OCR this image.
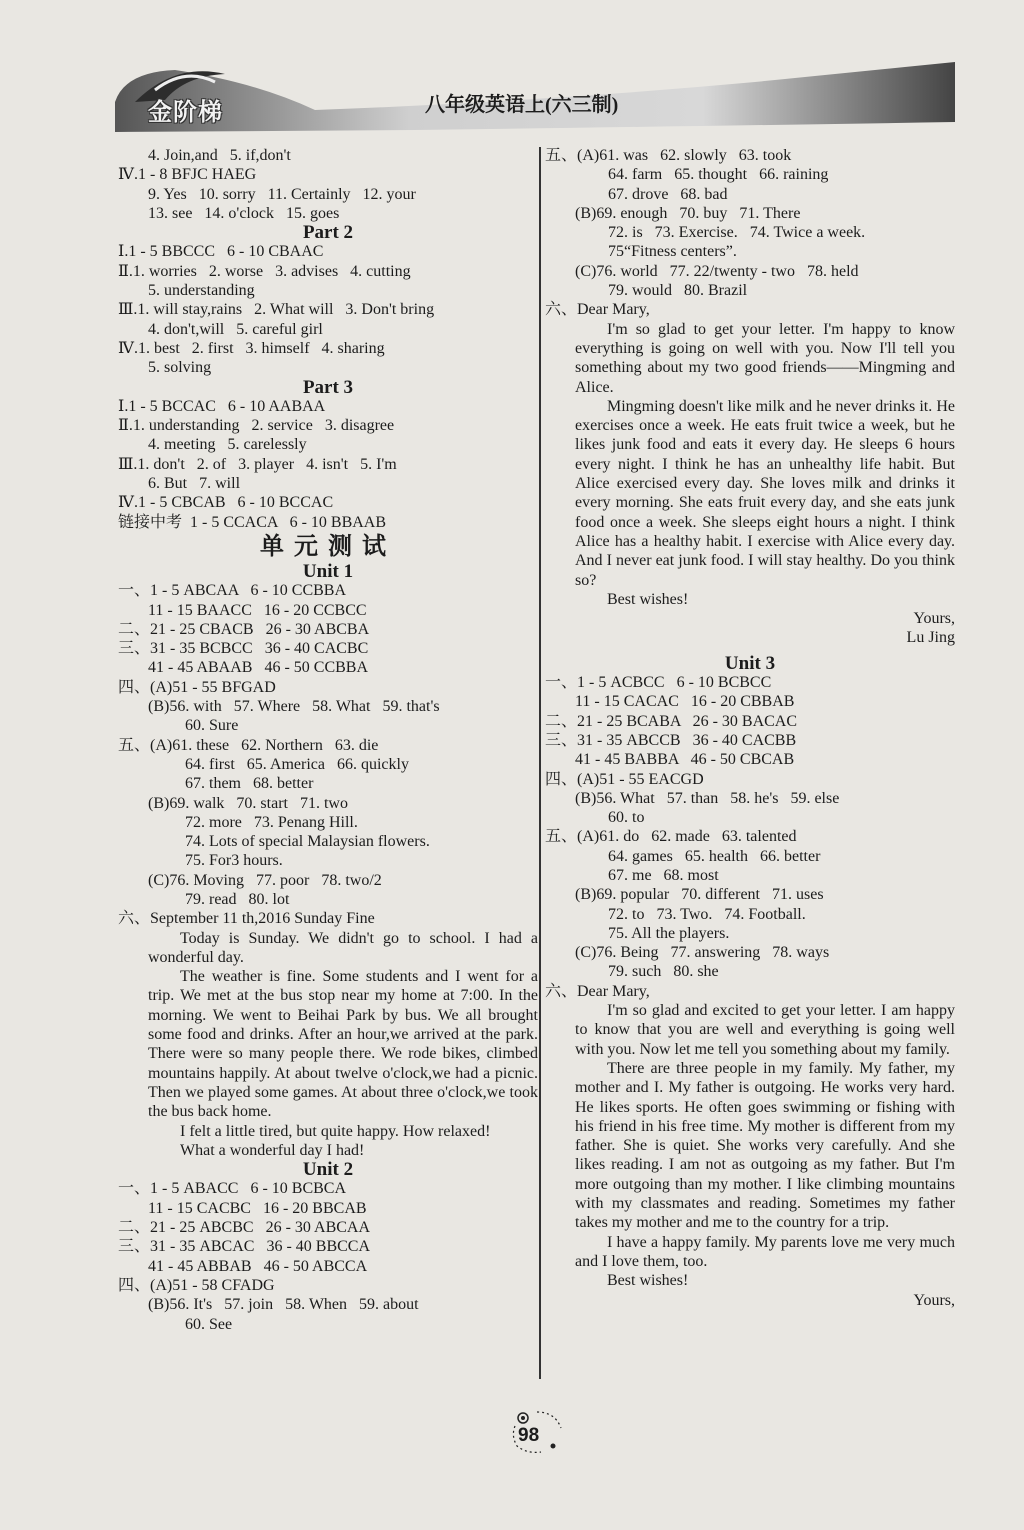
金阶梯	八年级英语上(六三制)
4. Join,and   5. if,don't
Ⅳ.1 - 8 BFJC HAEG
9. Yes   10. sorry   11. Certainly   12. your
13. see   14. o'clock   15. goes
Part 2
Ⅰ.1 - 5 BBCCC   6 - 10 CBAAC
Ⅱ.1. worries   2. worse   3. advises   4. cutting
5. understanding
Ⅲ.1. will stay,rains   2. What will   3. Don't bring
4. don't,will   5. careful girl
Ⅳ.1. best   2. first   3. himself   4. sharing
5. solving
Part 3
Ⅰ.1 - 5 BCCAC   6 - 10 AABAA
Ⅱ.1. understanding   2. service   3. disagree
4. meeting   5. carelessly
Ⅲ.1. don't   2. of   3. player   4. isn't   5. I'm
6. But   7. will
Ⅳ.1 - 5 CBCAB   6 - 10 BCCAC
链接中考  1 - 5 CCACA   6 - 10 BBAAB
单元测试
Unit 1
一、1 - 5 ABCAA   6 - 10 CCBBA
11 - 15 BAACC   16 - 20 CCBCC
二、21 - 25 CBACB   26 - 30 ABCBA
三、31 - 35 BCBCC   36 - 40 CACBC
41 - 45 ABAAB   46 - 50 CCBBA
四、(A)51 - 55 BFGAD
(B)56. with   57. Where   58. What   59. that's
60. Sure
五、(A)61. these   62. Northern   63. die
64. first   65. America   66. quickly
67. them   68. better
(B)69. walk   70. start   71. two
72. more   73. Penang Hill.
74. Lots of special Malaysian flowers.
75. For3 hours.
(C)76. Moving   77. poor   78. two/2
79. read   80. lot
六、September 11 th,2016 Sunday Fine
Today is Sunday. We didn't go to school. I had a wonderful day.
The weather is fine. Some students and I went for a trip. We met at the bus stop near my home at 7:00. In the morning. We went to Beihai Park by bus. We all brought some food and drinks. After an hour,we arrived at the park. There were so many people there. We rode bikes, climbed mountains happily. At about twelve o'clock,we had a picnic. Then we played some games. At about three o'clock,we took the bus back home.
I felt a little tired, but quite happy. How relaxed!
What a wonderful day I had!
Unit 2
一、1 - 5 ABACC   6 - 10 BCBCA
11 - 15 CACBC   16 - 20 BBCAB
二、21 - 25 ABCBC   26 - 30 ABCAA
三、31 - 35 ABCAC   36 - 40 BBCCA
41 - 45 ABBAB   46 - 50 ABCCA
四、(A)51 - 58 CFADG
(B)56. It's   57. join   58. When   59. about
60. See
五、(A)61. was   62. slowly   63. took
64. farm   65. thought   66. raining
67. drove   68. bad
(B)69. enough   70. buy   71. There
72. is   73. Exercise.   74. Twice a week.
75“Fitness centers”.
(C)76. world   77. 22/twenty - two   78. held
79. would   80. Brazil
六、Dear Mary,
I'm so glad to get your letter. I'm happy to know everything is going on well with you. Now I'll tell you something about my two good friends——Mingming and Alice.
Mingming doesn't like milk and he never drinks it. He exercises once a week. He eats fruit twice a week, but he likes junk food and eats it every day. He sleeps 6 hours every night. I think he has an unhealthy life habit. But Alice exercised every day. She loves milk and drinks it every morning. She eats fruit every day, and she eats junk food once a week. She sleeps eight hours a night. I think Alice has a healthy habit. I exercise with Alice every day. And I never eat junk food. I will stay healthy. Do you think so?
Best wishes!
Yours,
Lu Jing
Unit 3
一、1 - 5 ACBCC   6 - 10 BCBCC
11 - 15 CACAC   16 - 20 CBBAB
二、21 - 25 BCABA   26 - 30 BACAC
三、31 - 35 ABCCB   36 - 40 CACBB
41 - 45 BABBA   46 - 50 CBCAB
四、(A)51 - 55 EACGD
(B)56. What   57. than   58. he's   59. else
60. to
五、(A)61. do   62. made   63. talented
64. games   65. health   66. better
67. me   68. most
(B)69. popular   70. different   71. uses
72. to   73. Two.   74. Football.
75. All the players.
(C)76. Being   77. answering   78. ways
79. such   80. she
六、Dear Mary,
I'm so glad and excited to get your letter. I am happy to know that you are well and everything is going well with you. Now let me tell you something about my family.
There are three people in my family. My father, my mother and I. My father is outgoing. He works very hard. He likes sports. He often goes swimming or fishing with his friend in his free time. My mother is different from my father. She is quiet. She works very carefully. And she likes reading. I am not as outgoing as my father. But I'm more outgoing than my mother. I like climbing mountains with my classmates and reading. Sometimes my father takes my mother and me to the country for a trip.
I have a happy family. My parents love me very much and I love them, too.
Best wishes!
Yours,
98
